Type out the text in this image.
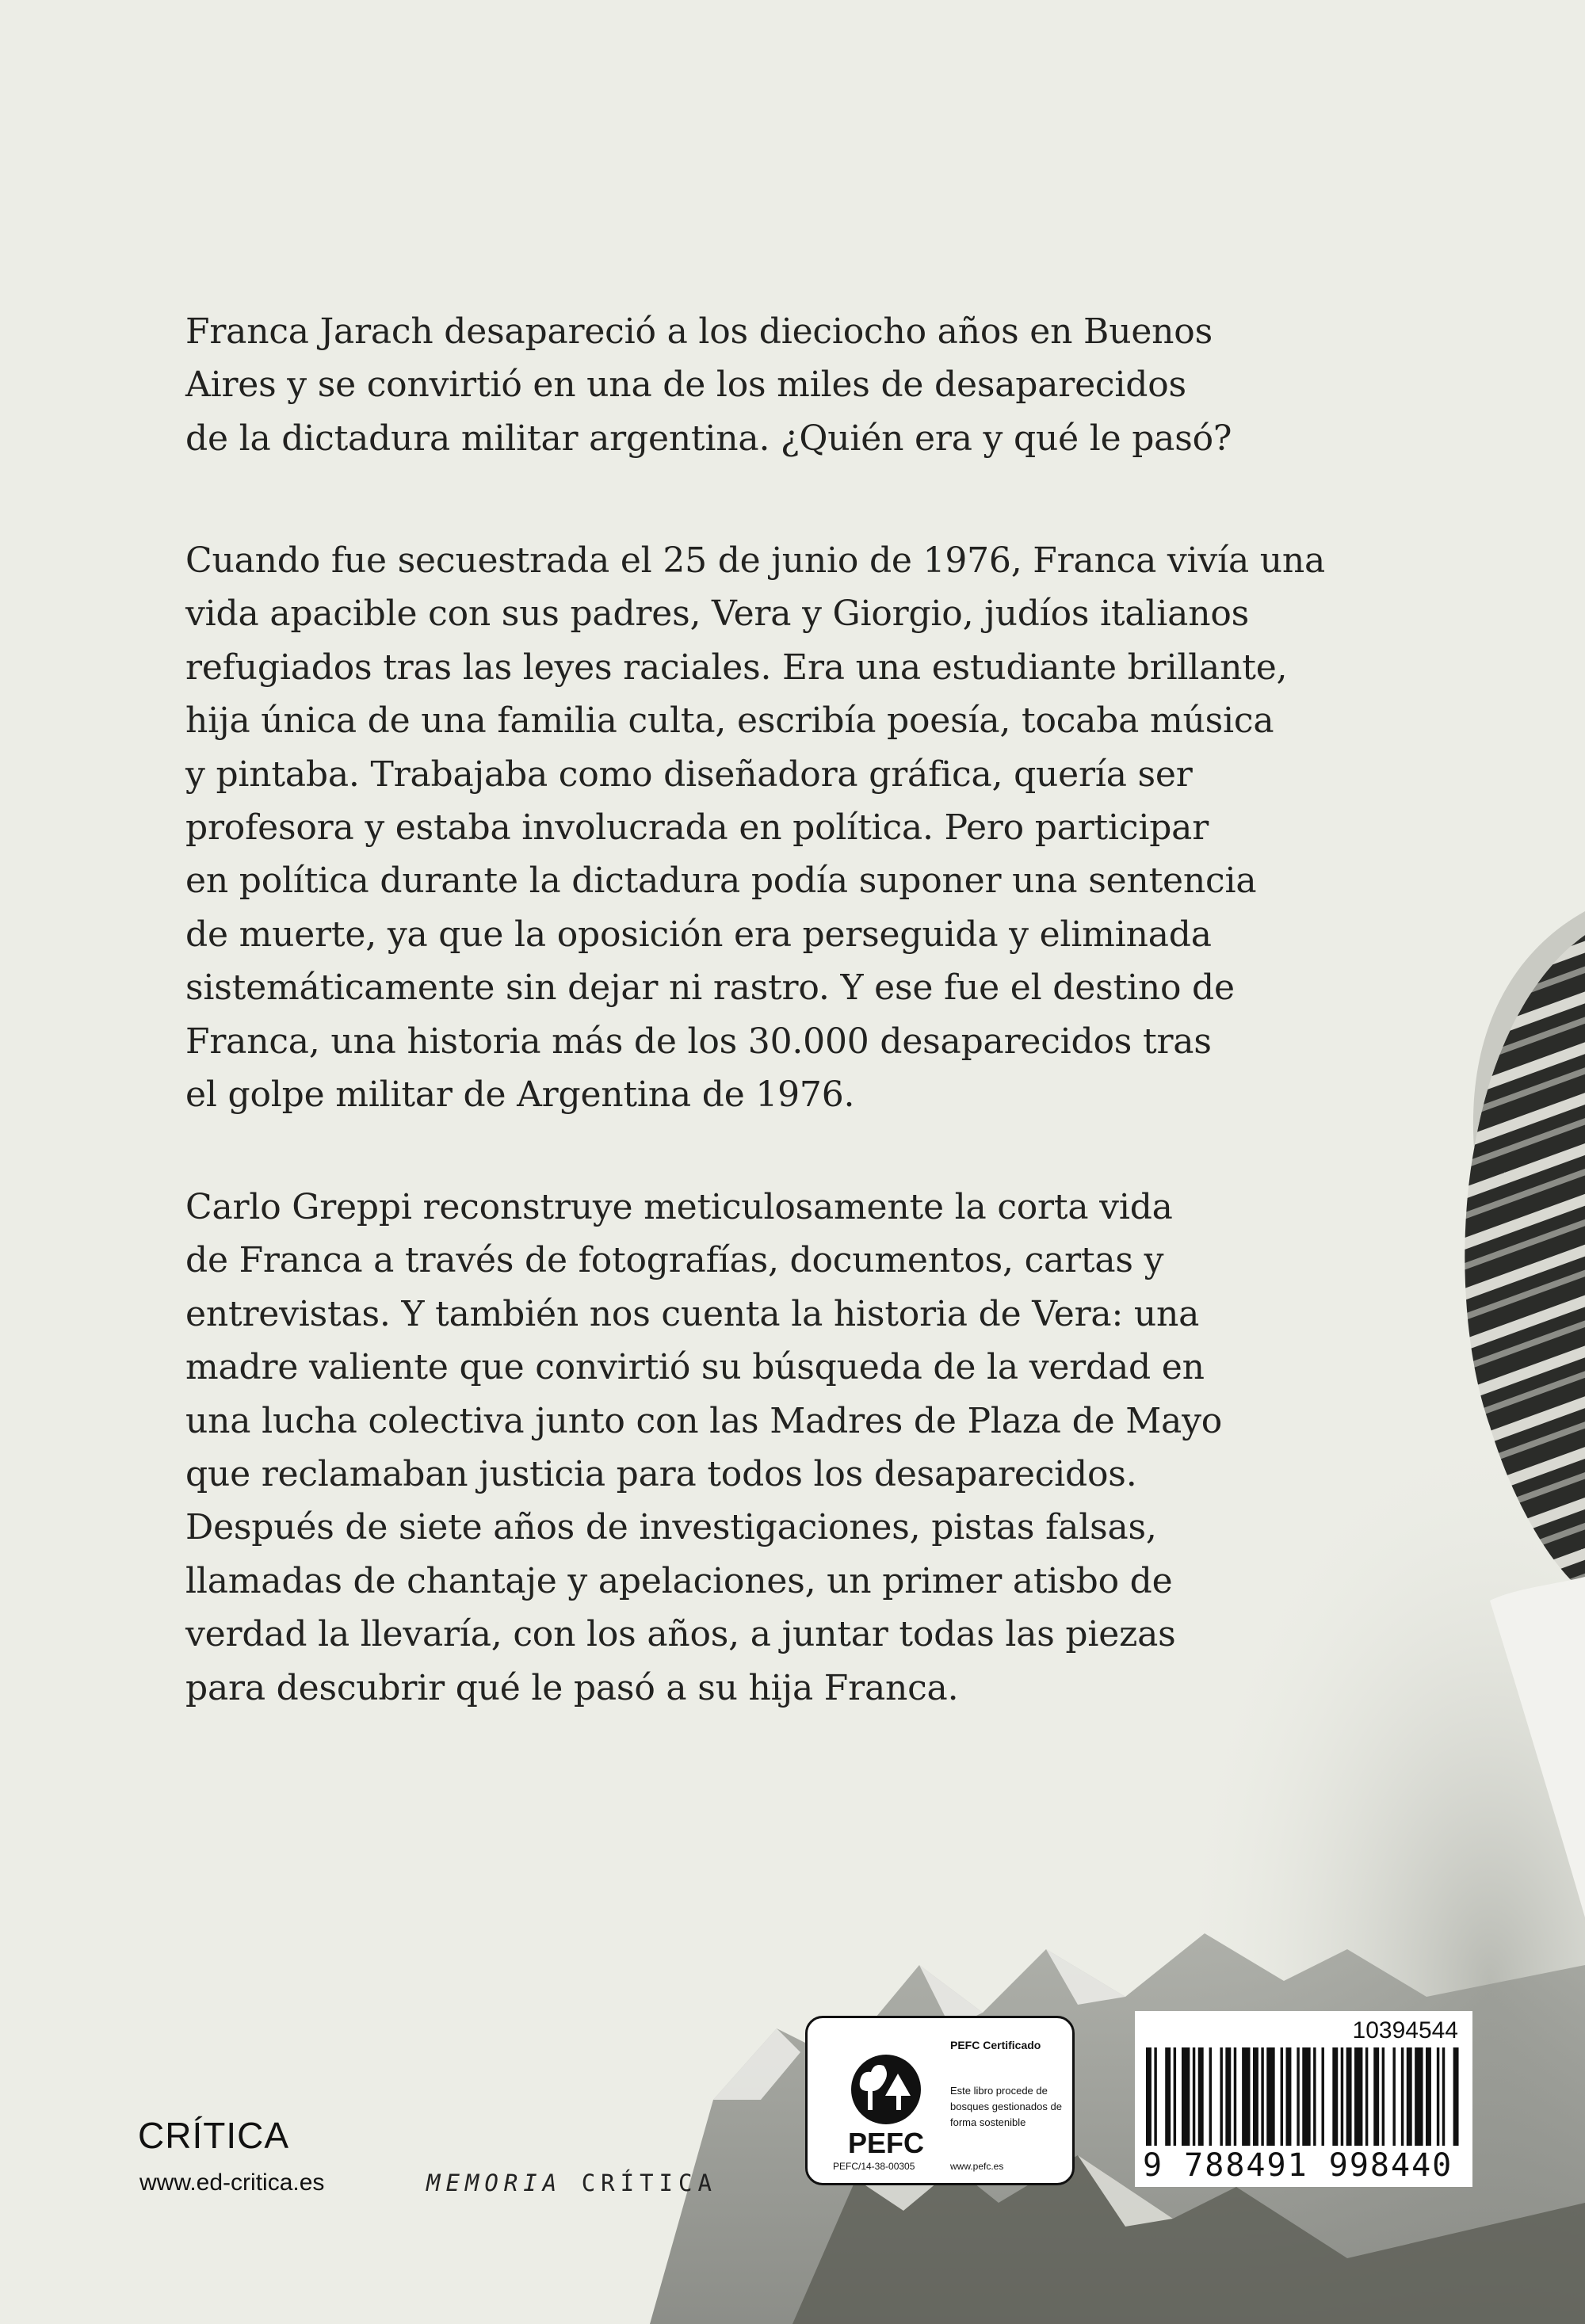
Franca Jarach desapareció a los dieciocho años en Buenos
Aires y se convirtió en una de los miles de desaparecidos
de la dictadura militar argentina. ¿Quién era y qué le pasó?
Cuando fue secuestrada el 25 de junio de 1976, Franca vivía una
vida apacible con sus padres, Vera y Giorgio, judíos italianos
refugiados tras las leyes raciales. Era una estudiante brillante,
hija única de una familia culta, escribía poesía, tocaba música
y pintaba. Trabajaba como diseñadora gráfica, quería ser
profesora y estaba involucrada en política. Pero participar
en política durante la dictadura podía suponer una sentencia
de muerte, ya que la oposición era perseguida y eliminada
sistemáticamente sin dejar ni rastro. Y ese fue el destino de
Franca, una historia más de los 30.000 desaparecidos tras
el golpe militar de Argentina de 1976.
Carlo Greppi reconstruye meticulosamente la corta vida
de Franca a través de fotografías, documentos, cartas y
entrevistas. Y también nos cuenta la historia de Vera: una
madre valiente que convirtió su búsqueda de la verdad en
una lucha colectiva junto con las Madres de Plaza de Mayo
que reclamaban justicia para todos los desaparecidos.
Después de siete años de investigaciones, pistas falsas,
llamadas de chantaje y apelaciones, un primer atisbo de
verdad la llevaría, con los años, a juntar todas las piezas
para descubrir qué le pasó a su hija Franca.
CRÍTICA
www.ed-critica.es	MEMORIA CRÍTICA
PEFC
PEFC Certificado
Este libro procede de bosques gestionados de forma sostenible
PEFC/14-38-00305	www.pefc.es
10394544
9 788491 998440
